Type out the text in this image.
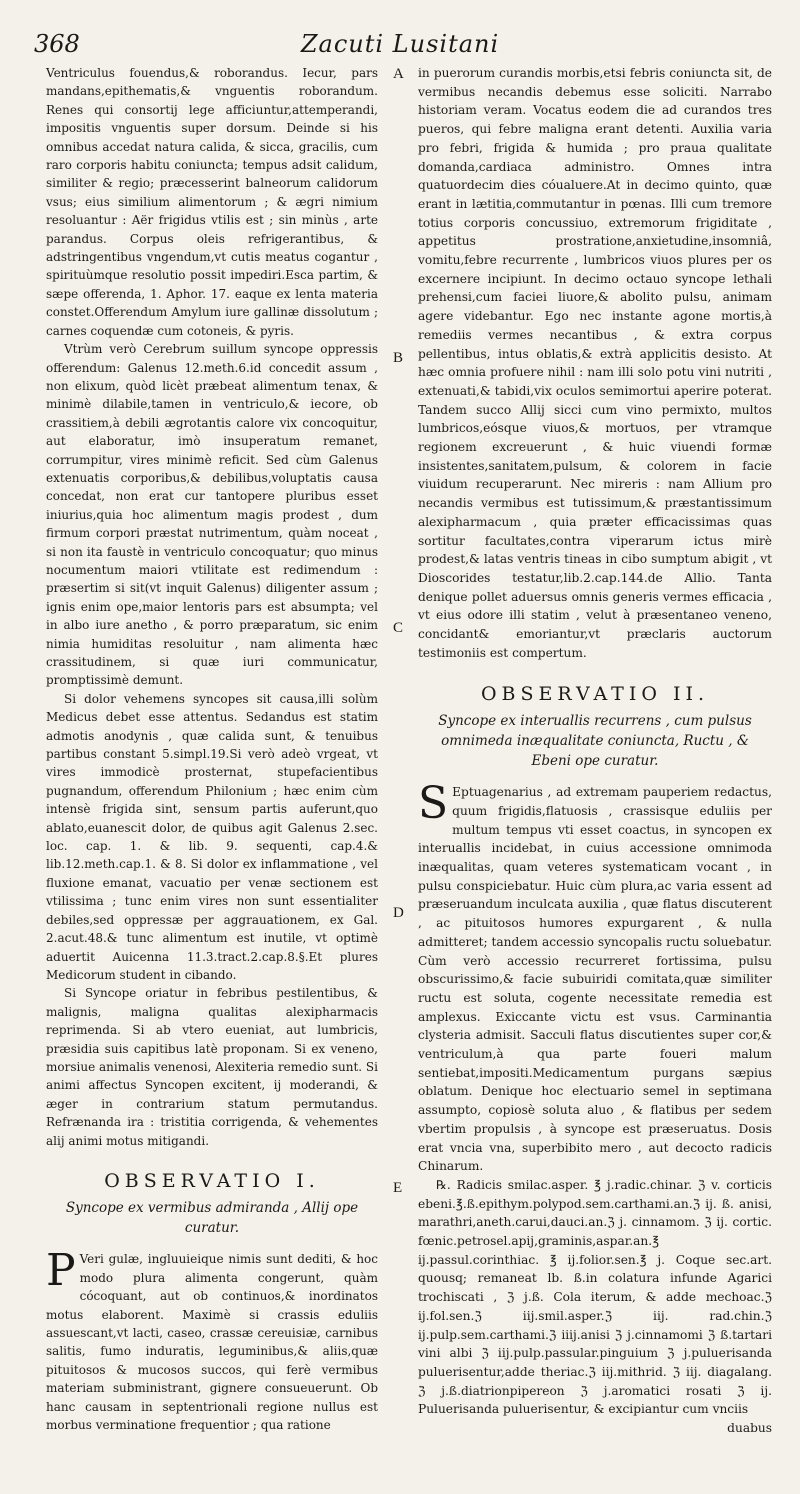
368	Zacuti Lusitani

Ventriculus fouendus,& roborandus. Iecur, pars mandans,epithematis,& vnguentis roborandum. Renes qui consortij lege afficiuntur,attemperandi, impositis vnguentis super dorsum. Deinde si his omnibus accedat natura calida, & sicca, gracilis, cum raro corporis habitu coniuncta; tempus adsit calidum, similiter & regio; præcesserint balneorum calidorum vsus; eius similium alimentorum ; & ægri nimium resoluantur : Aër frigidus vtilis est ; sin minùs , arte parandus. Corpus oleis refrigerantibus, & adstringentibus vngendum,vt cutis meatus cogantur , spirituùmque resolutio possit impediri.Esca partim, & sæpe offerenda, 1. Aphor. 17. eaque ex lenta materia constet.Offerendum Amylum iure gallinæ dissolutum ; carnes coquendæ cum cotoneis, & pyris.

Vtrùm verò Cerebrum suillum syncope oppressis offerendum: Galenus 12.meth.6.id concedit assum , non elixum, quòd licèt præbeat alimentum tenax, & minimè dilabile,tamen in ventriculo,& iecore, ob crassitiem,à debili ægrotantis calore vix concoquitur, aut elaboratur, imò insuperatum remanet, corrumpitur, vires minimè reficit. Sed cùm Galenus extenuatis corporibus,& debilibus,voluptatis causa concedat, non erat cur tantopere pluribus esset iniurius,quia hoc alimentum magis prodest , dum firmum corpori præstat nutrimentum, quàm noceat , si non ita faustè in ventriculo concoquatur; quo minus nocumentum maiori vtilitate est redimendum : præsertim si sit(vt inquit Galenus) diligenter assum ; ignis enim ope,maior lentoris pars est absumpta; vel in albo iure anetho , & porro præparatum, sic enim nimia humiditas resoluitur , nam alimenta hæc crassitudinem, si quæ iuri communicatur, promptissimè demunt.

Si dolor vehemens syncopes sit causa,illi solùm Medicus debet esse attentus. Sedandus est statim admotis anodynis , quæ calida sunt, & tenuibus partibus constant 5.simpl.19.Si verò adeò vrgeat, vt vires immodicè prosternat, stupefacientibus pugnandum, offerendum Philonium ; hæc enim cùm intensè frigida sint, sensum partis auferunt,quo ablato,euanescit dolor, de quibus agit Galenus 2.sec. loc. cap. 1. & lib. 9. sequenti, cap.4.& lib.12.meth.cap.1. & 8. Si dolor ex inflammatione , vel fluxione emanat, vacuatio per venæ sectionem est vtilissima ; tunc enim vires non sunt essentialiter debiles,sed oppressæ per aggrauationem, ex Gal. 2.acut.48.& tunc alimentum est inutile, vt optimè aduertit Auicenna 11.3.tract.2.cap.8.§.Et plures Medicorum student in cibando.

Si Syncope oriatur in febribus pestilentibus, & malignis, maligna qualitas alexipharmacis reprimenda. Si ab vtero eueniat, aut lumbricis, præsidia suis capitibus latè proponam. Si ex veneno, morsiue animalis venenosi, Alexiteria remedio sunt. Si animi affectus Syncopen excitent, ij moderandi, & æger in contrarium statum permutandus. Refrænanda ira : tristitia corrigenda, & vehementes alij animi motus mitigandi.

OBSERVATIO I.
Syncope ex vermibus admiranda , Allij ope curatur.

P Veri gulæ, ingluuieique nimis sunt dediti, & hoc modo plura alimenta congerunt, quàm cócoquant, aut ob continuos,& inordinatos motus elaborent. Maximè si crassis eduliis assuescant,vt lacti, caseo, crassæ cereuisiæ, carnibus salitis, fumo induratis, leguminibus,& aliis,quæ pituitosos & mucosos succos, qui ferè vermibus materiam subministrant, gignere consueuerunt. Ob hanc causam in septentrionali regione nullus est morbus verminatione frequentior ; qua ratione

in puerorum curandis morbis,etsi febris coniuncta sit, de vermibus necandis debemus esse soliciti. Narrabo historiam veram. Vocatus eodem die ad curandos tres pueros, qui febre maligna erant detenti. Auxilia varia pro febri, frigida & humida ; pro praua qualitate domanda,cardiaca administro. Omnes intra quatuordecim dies cóualuere.At in decimo quinto, quæ erant in lætitia,commutantur in pœnas. Illi cum tremore totius corporis concussiuo, extremorum frigiditate , appetitus prostratione,anxietudine,insomniâ, vomitu,febre recurrente , lumbricos viuos plures per os excernere incipiunt. In decimo octauo syncope lethali prehensi,cum faciei liuore,& abolito pulsu, animam agere videbantur. Ego nec instante agone mortis,à remediis vermes necantibus , & extra corpus pellentibus, intus oblatis,& extrà applicitis desisto. At hæc omnia profuere nihil : nam illi solo potu vini nutriti , extenuati,& tabidi,vix oculos semimortui aperire poterat. Tandem succo Allij sicci cum vino permixto, multos lumbricos,eósque viuos,& mortuos, per vtramque regionem excreuerunt , & huic viuendi formæ insistentes,sanitatem,pulsum, & colorem in facie viuidum recuperarunt. Nec mireris : nam Allium pro necandis vermibus est tutissimum,& præstantissimum alexipharmacum , quia præter efficacissimas quas sortitur facultates,contra viperarum ictus mirè prodest,& latas ventris tineas in cibo sumptum abigit , vt Dioscorides testatur,lib.2.cap.144.de Allio. Tanta denique pollet aduersus omnis generis vermes efficacia , vt eius odore illi statim , velut à præsentaneo veneno, concidant& emoriantur,vt præclaris auctorum testimoniis est compertum.

OBSERVATIO II.
Syncope ex interuallis recurrens , cum pulsus omnimeda inæqualitate coniuncta, Ructu , & Ebeni ope curatur.

S Eptuagenarius , ad extremam pauperiem redactus, quum frigidis,flatuosis , crassisque eduliis per multum tempus vti esset coactus, in syncopen ex interuallis incidebat, in cuius accessione omnimoda inæqualitas, quam veteres systematicam vocant , in pulsu conspiciebatur. Huic cùm plura,ac varia essent ad præseruandum inculcata auxilia , quæ flatus discuterent , ac pituitosos humores expurgarent , & nulla admitteret; tandem accessio syncopalis ructu soluebatur. Cùm verò accessio recurreret fortissima, pulsu obscurissimo,& facie subuiridi comitata,quæ similiter ructu est soluta, cogente necessitate remedia est amplexus. Exiccante victu est vsus. Carminantia clysteria admisit. Sacculi flatus discutientes super cor,& ventriculum,à qua parte foueri malum sentiebat,impositi.Medicamentum purgans sæpius oblatum. Denique hoc electuario semel in septimana assumpto, copiosè soluta aluo , & flatibus per sedem vbertim propulsis , à syncope est præseruatus. Dosis erat vncia vna, superbibito mero , aut decocto radicis Chinarum.

℞. Radicis smilac.asper. ℥ j.radic.chinar. ℨ v. corticis ebeni.℥.ß.epithym.polypod.sem.carthami.an.ℨ ij. ß. anisi, marathri,aneth.carui,dauci.an.ℨ j. cinnamom. ℨ ij. cortic. fœnic.petrosel.apij,graminis,aspar.an.℥ ij.passul.corinthiac. ℥ ij.folior.sen.℥ j. Coque sec.art. quousq; remaneat lb. ß.in colatura infunde Agarici trochiscati , ℨ j.ß. Cola iterum, & adde mechoac.ℨ ij.fol.sen.ℨ iij.smil.asper.ℨ iij. rad.chin.ℨ ij.pulp.sem.carthami.ℨ iiij.anisi ℨ j.cinnamomi ℨ ß.tartari vini albi ℨ iij.pulp.passular.pinguium ℨ j.puluerisanda puluerisentur,adde theriac.ℨ iij.mithrid. ℨ iij. diagalang. ℨ j.ß.diatrionpipereon ℨ j.aromatici rosati ℨ ij. Puluerisanda puluerisentur, & excipiantur cum vnciis

duabus

A
B
C
D
E
